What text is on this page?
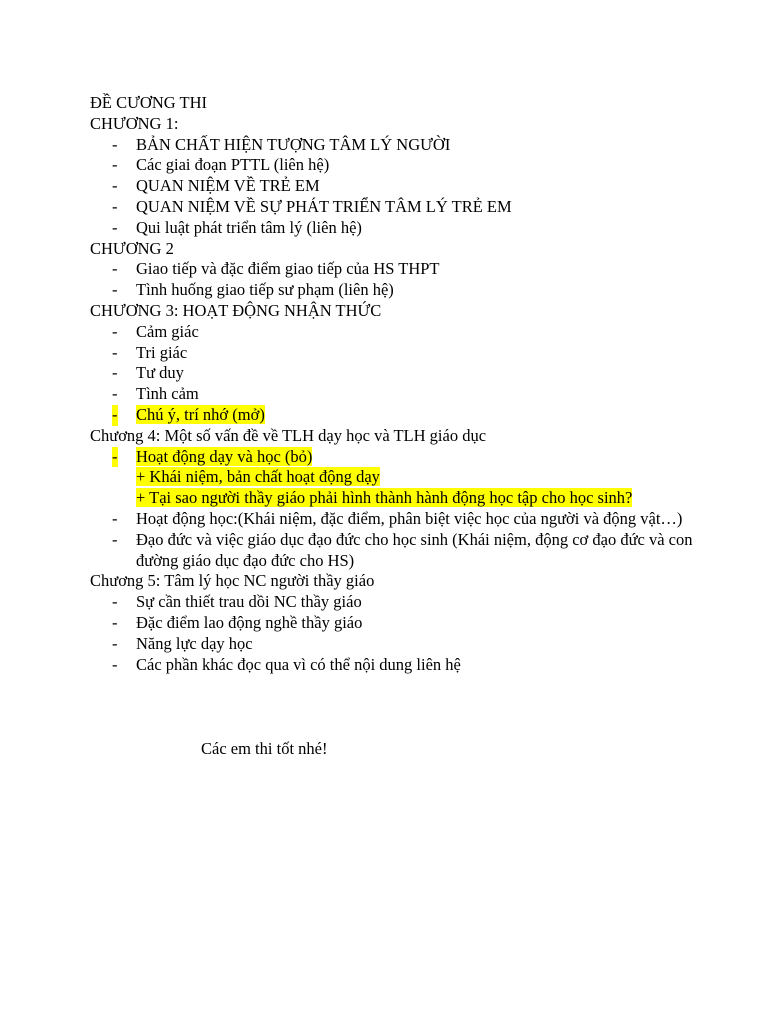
ĐỀ CƯƠNG THI
CHƯƠNG 1:
- BẢN CHẤT HIỆN TƯỢNG TÂM LÝ NGƯỜI
- Các giai đoạn PTTL (liên hệ)
- QUAN NIỆM VỀ TRẺ EM
- QUAN NIỆM VỀ SỰ PHÁT TRIỂN TÂM LÝ TRẺ EM
- Qui luật phát triển tâm lý (liên hệ)
CHƯƠNG 2
- Giao tiếp và đặc điểm giao tiếp của HS THPT
- Tình huống giao tiếp sư phạm (liên hệ)
CHƯƠNG 3: HOẠT ĐỘNG NHẬN THỨC
- Cảm giác
- Tri giác
- Tư duy
- Tình cảm
- Chú ý, trí nhớ (mở)
Chương 4: Một số vấn đề về TLH dạy học và TLH giáo dục
- Hoạt động dạy và học (bỏ)
+ Khái niệm, bản chất hoạt động dạy
+ Tại sao người thầy giáo phải hình thành hành động học tập cho học sinh?
- Hoạt động học:(Khái niệm, đặc điểm, phân biệt việc học của người và động vật…)
- Đạo đức và việc giáo dục đạo đức cho học sinh (Khái niệm, động cơ đạo đức và con đường giáo dục đạo đức cho HS)
Chương 5: Tâm lý học NC người thầy giáo
- Sự cần thiết trau dồi NC thầy giáo
- Đặc điểm lao động nghề thầy giáo
- Năng lực dạy học
- Các phần khác đọc qua vì có thể nội dung liên hệ
Các em thi tốt nhé!
